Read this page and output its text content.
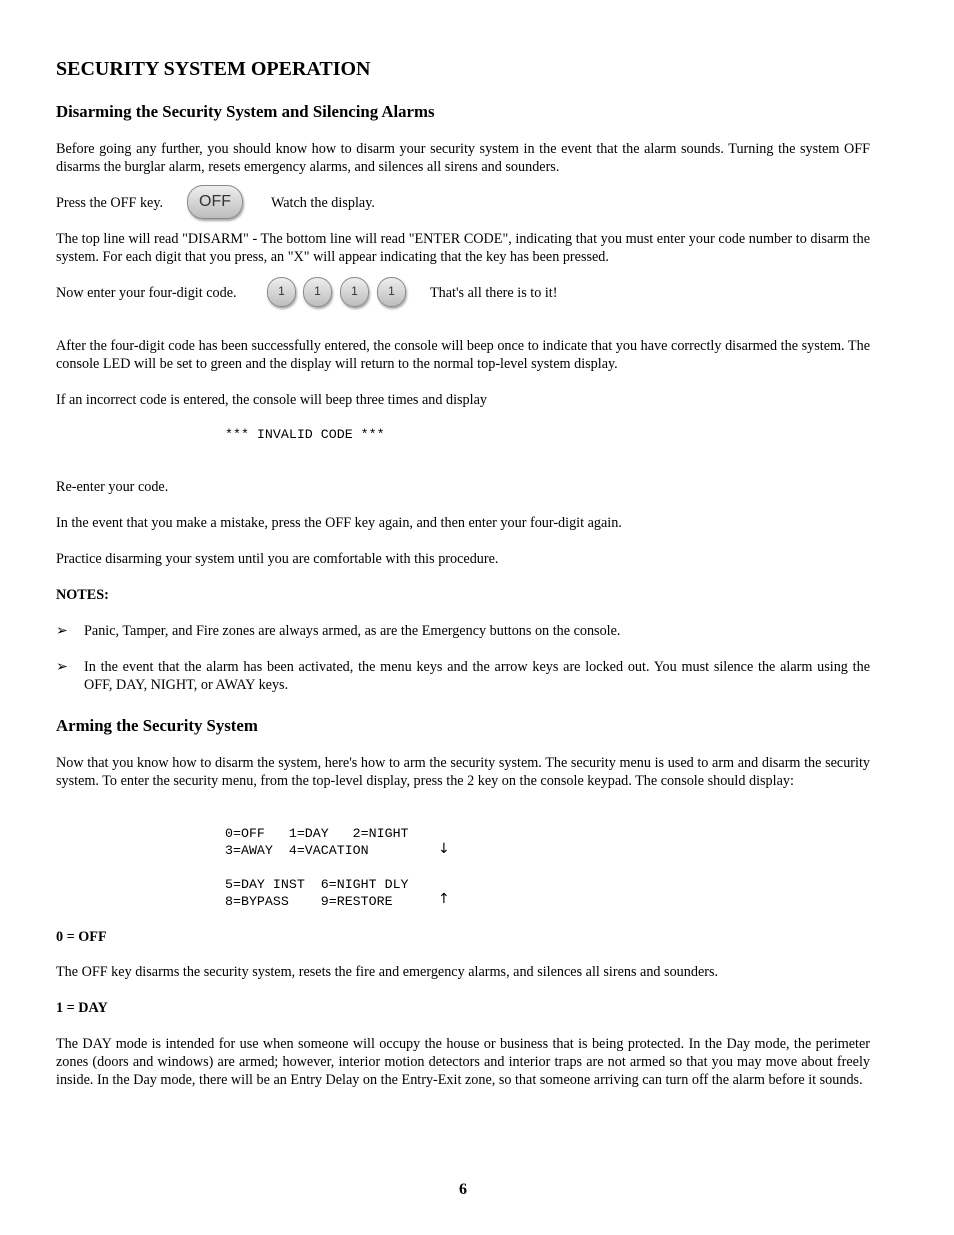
SECURITY SYSTEM OPERATION
Disarming the Security System and Silencing Alarms

Before going any further, you should know how to disarm your security system in the event that the alarm sounds. Turning the system OFF disarms the burglar alarm, resets emergency alarms, and silences all sirens and sounders.

Press the OFF key.	OFF	Watch the display.

The top line will read "DISARM" - The bottom line will read "ENTER CODE", indicating that you must enter your code number to disarm the system. For each digit that you press, an "X" will appear indicating that the key has been pressed.

Now enter your four-digit code.	1	1	1	1	That's all there is to it!

After the four-digit code has been successfully entered, the console will beep once to indicate that you have correctly disarmed the system. The console LED will be set to green and the display will return to the normal top-level system display.

If an incorrect code is entered, the console will beep three times and display

*** INVALID CODE ***

Re-enter your code.

In the event that you make a mistake, press the OFF key again, and then enter your four-digit again.

Practice disarming your system until you are comfortable with this procedure.

NOTES:
➢ Panic, Tamper, and Fire zones are always armed, as are the Emergency buttons on the console.

➢ In the event that the alarm has been activated, the menu keys and the arrow keys are locked out. You must silence the alarm using the OFF, DAY, NIGHT, or AWAY keys.

Arming the Security System

Now that you know how to disarm the system, here's how to arm the security system. The security menu is used to arm and disarm the security system. To enter the security menu, from the top-level display, press the 2 key on the console keypad. The console should display:

0=OFF   1=DAY   2=NIGHT
3=AWAY  4=VACATION	↓
5=DAY INST  6=NIGHT DLY
8=BYPASS    9=RESTORE	↑
0 = OFF

The OFF key disarms the security system, resets the fire and emergency alarms, and silences all sirens and sounders.

1 = DAY

The DAY mode is intended for use when someone will occupy the house or business that is being protected. In the Day mode, the perimeter zones (doors and windows) are armed; however, interior motion detectors and interior traps are not armed so that you may move about freely inside. In the Day mode, there will be an Entry Delay on the Entry-Exit zone, so that someone arriving can turn off the alarm before it sounds.

6
